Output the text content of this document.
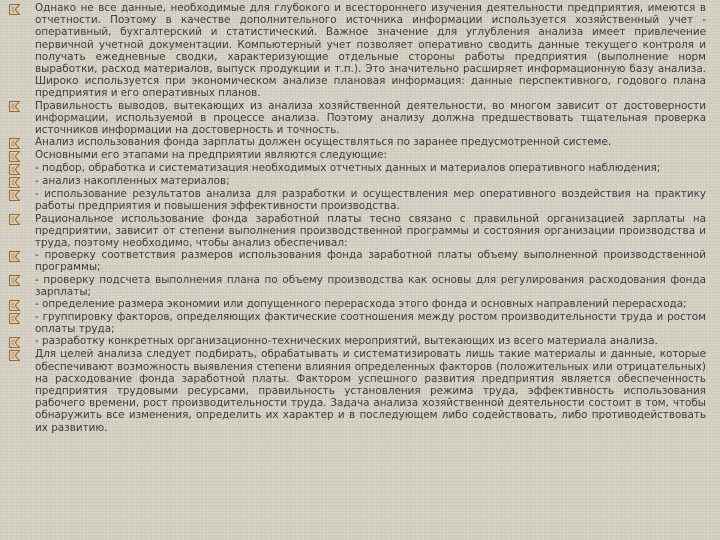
Однако не все данные, необходимые для глубокого и всестороннего изучения деятельности предприятия, имеются в отчетности. Поэтому в качестве дополнительного источника информации используется хозяйственный учет - оперативный, бухгалтерский и статистический. Важное значение для углубления анализа имеет привлечение первичной учетной документации. Компьютерный учет позволяет оперативно сводить данные текущего контроля и получать ежедневные сводки, характеризующие отдельные стороны работы предприятия (выполнение норм выработки, расход материалов, выпуск продукции и т.п.). Это значительно расширяет информационную базу анализа. Широко используется при экономическом анализе плановая информация: данные перспективного, годового плана предприятия и его оперативных планов.
Правильность выводов, вытекающих из анализа хозяйственной деятельности, во многом зависит от достоверности информации, используемой в процессе анализа. Поэтому анализу должна предшествовать тщательная проверка источников информации на достоверность и точность.
Анализ использования фонда зарплаты должен осуществляться по заранее предусмотренной системе.
Основными его этапами на предприятии являются следующие:
- подбор, обработка и систематизация необходимых отчетных данных и материалов оперативного наблюдения;
- анализ накопленных материалов;
- использование результатов анализа для разработки и осуществления мер оперативного воздействия на практику работы предприятия и повышения эффективности производства.
Рациональное использование фонда заработной платы тесно связано с правильной организацией зарплаты на предприятии, зависит от степени выполнения производственной программы и состояния организации производства и труда, поэтому необходимо, чтобы анализ обеспечивал:
- проверку соответствия размеров использования фонда заработной платы объему выполненной производственной программы;
- проверку подсчета выполнения плана по объему производства как основы для регулирования расходования фонда зарплаты;
- определение размера экономии или допущенного перерасхода этого фонда и основных направлений перерасхода;
- группировку факторов, определяющих фактические соотношения между ростом производительности труда и ростом оплаты труда;
- разработку конкретных организационно-технических мероприятий, вытекающих из всего материала анализа.
Для целей анализа следует подбирать, обрабатывать и систематизировать лишь такие материалы и данные, которые обеспечивают возможность выявления степени влияния определенных факторов (положительных или отрицательных) на расходование фонда заработной платы. Фактором успешного развития предприятия является обеспеченность предприятия трудовыми ресурсами, правильность установления режима труда, эффективность использования рабочего времени, рост производительности труда. Задача анализа хозяйственной деятельности состоит в том, чтобы обнаружить все изменения, определить их характер и в последующем либо содействовать, либо противодействовать их развитию.
